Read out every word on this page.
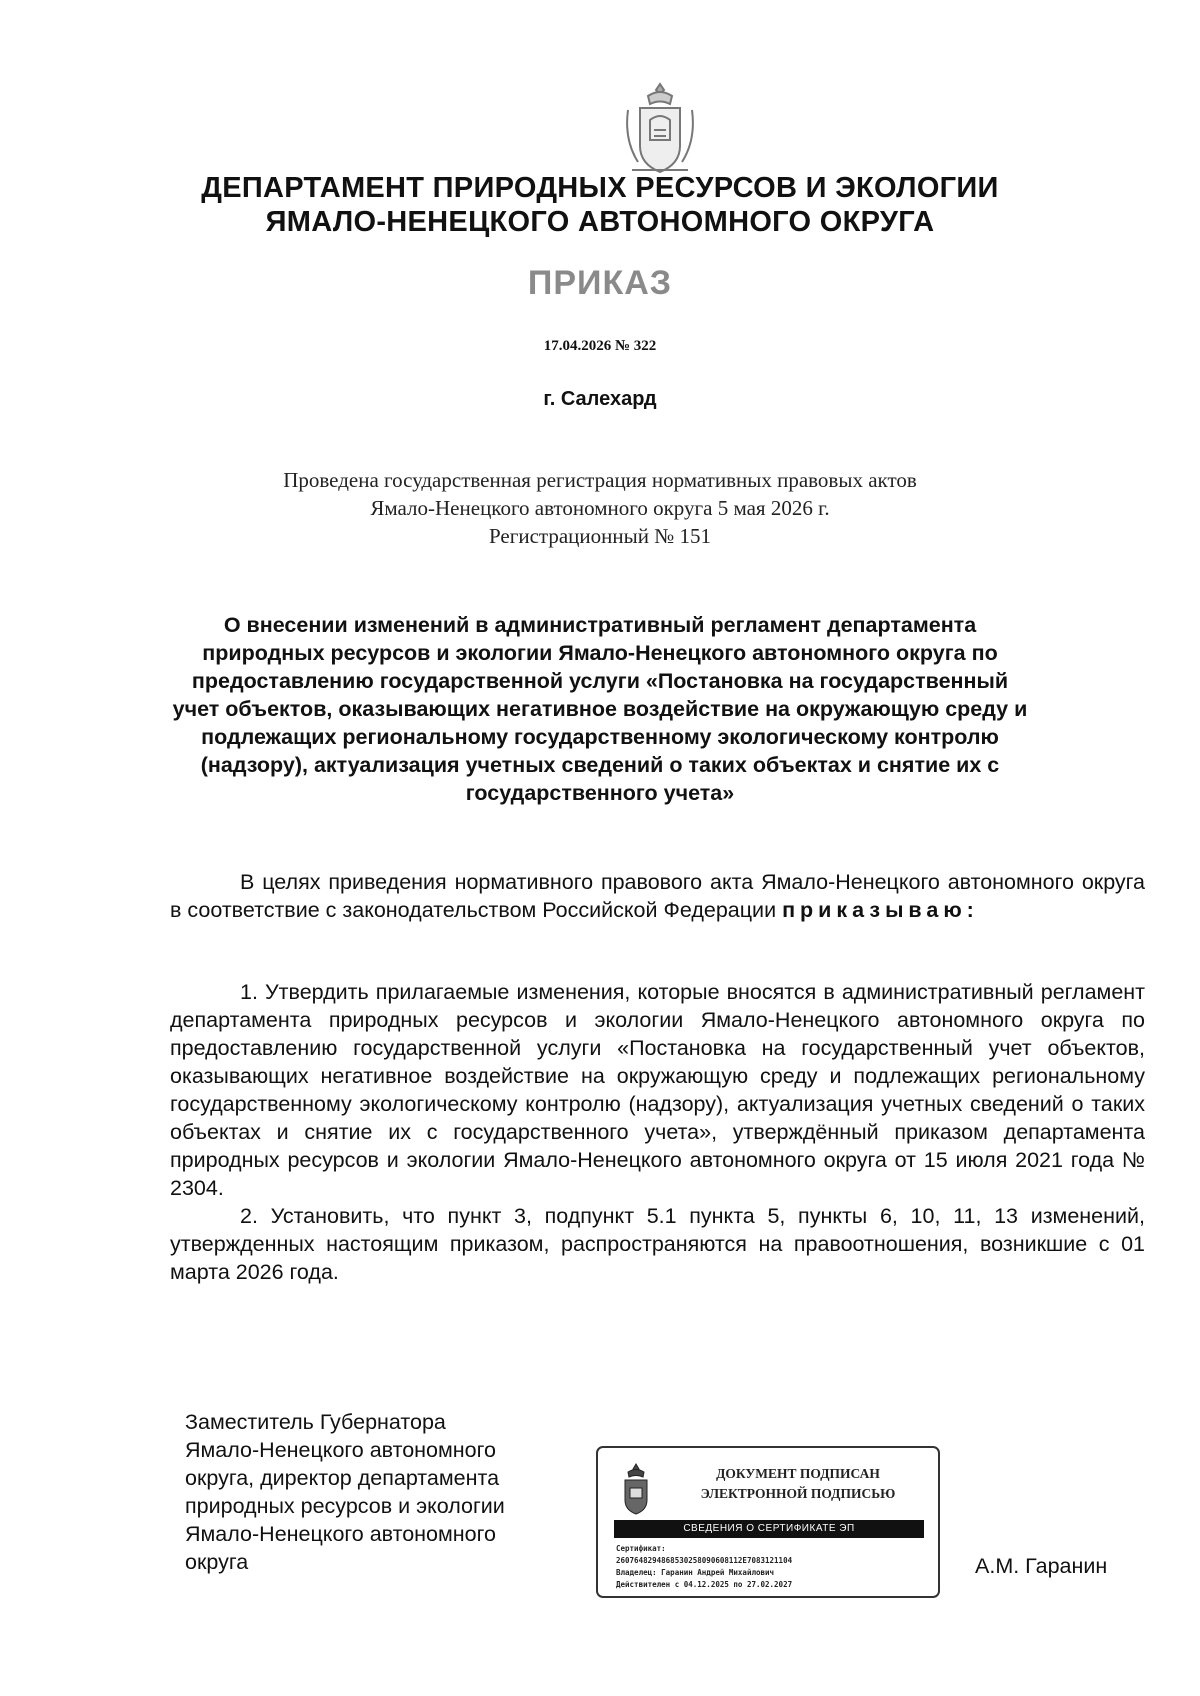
ДЕПАРТАМЕНТ ПРИРОДНЫХ РЕСУРСОВ И ЭКОЛОГИИ
ЯМАЛО-НЕНЕЦКОГО АВТОНОМНОГО ОКРУГА
ПРИКАЗ
17.04.2026 № 322
г. Салехард
Проведена государственная регистрация нормативных правовых актов
Ямало-Ненецкого автономного округа 5 мая 2026 г.
Регистрационный № 151
О внесении изменений в административный регламент департамента природных ресурсов и экологии Ямало-Ненецкого автономного округа по предоставлению государственной услуги «Постановка на государственный учет объектов, оказывающих негативное воздействие на окружающую среду и подлежащих региональному государственному экологическому контролю (надзору), актуализация учетных сведений о таких объектах и снятие их с государственного учета»

В целях приведения нормативного правового акта Ямало-Ненецкого автономного округа в соответствие с законодательством Российской Федерации приказываю:

1. Утвердить прилагаемые изменения, которые вносятся в административный регламент департамента природных ресурсов и экологии Ямало-Ненецкого автономного округа по предоставлению государственной услуги «Постановка на государственный учет объектов, оказывающих негативное воздействие на окружающую среду и подлежащих региональному государственному экологическому контролю (надзору), актуализация учетных сведений о таких объектах и снятие их с государственного учета», утверждённый приказом департамента природных ресурсов и экологии Ямало-Ненецкого автономного округа от 15 июля 2021 года № 2304.

2. Установить, что пункт 3, подпункт 5.1 пункта 5, пункты 6, 10, 11, 13 изменений, утвержденных настоящим приказом, распространяются на правоотношения, возникшие с 01 марта 2026 года.

Заместитель Губернатора
Ямало-Ненецкого автономного
округа, директор департамента
природных ресурсов и экологии
Ямало-Ненецкого автономного
округа
ДОКУМЕНТ ПОДПИСАН
ЭЛЕКТРОННОЙ ПОДПИСЬЮ
СВЕДЕНИЯ О СЕРТИФИКАТЕ ЭП
Сертификат:
2607648294868530258090608112E7083121104
Владелец: Гаранин Андрей Михайлович
Действителен с 04.12.2025 по 27.02.2027
А.М. Гаранин
